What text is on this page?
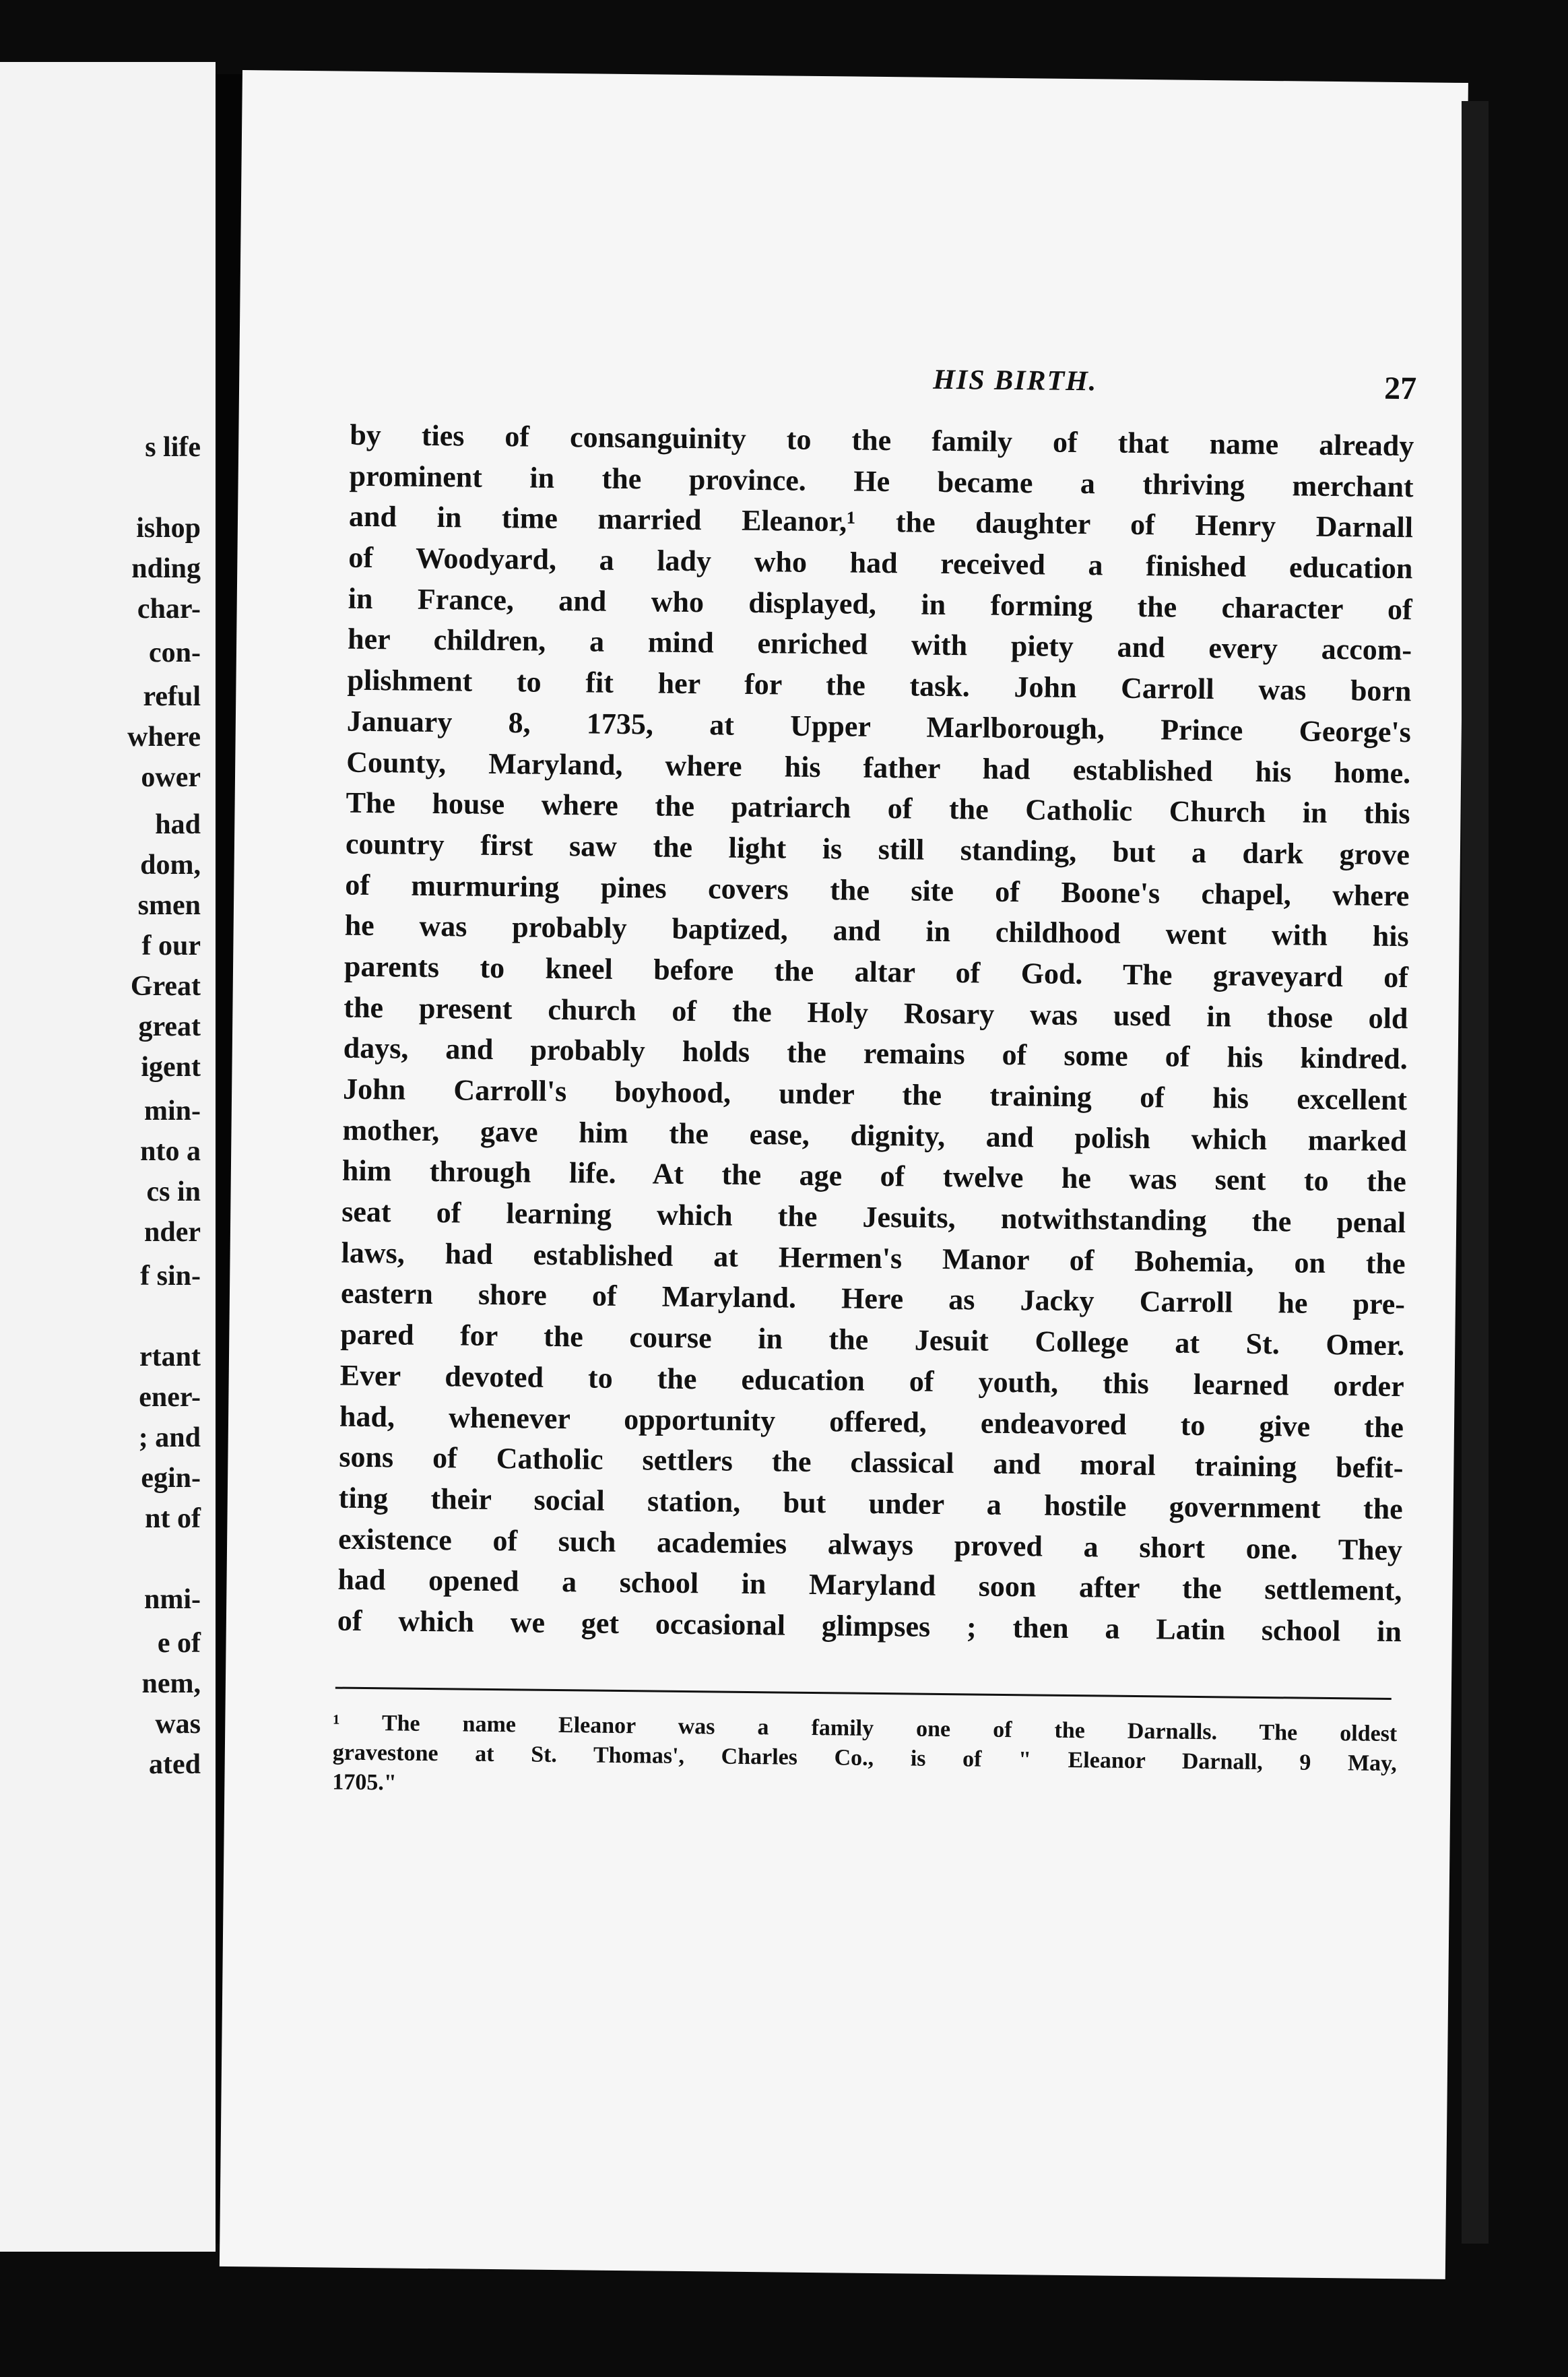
s life
ishop
nding
char-
con-
reful
where
ower
had
dom,
smen
f our
Great
great
igent
min-
nto a
cs in
nder
f sin-
rtant
ener-
; and
egin-
nt of
nmi-
e of
nem,
was
ated
HIS BIRTH.	27
by ties of consanguinity to the family of that name already
prominent in the province. He became a thriving merchant
and in time married Eleanor,¹ the daughter of Henry Darnall
of Woodyard, a lady who had received a finished education
in France, and who displayed, in forming the character of
her children, a mind enriched with piety and every accom-
plishment to fit her for the task. John Carroll was born
January 8, 1735, at Upper Marlborough, Prince George's
County, Maryland, where his father had established his home.
The house where the patriarch of the Catholic Church in this
country first saw the light is still standing, but a dark grove
of murmuring pines covers the site of Boone's chapel, where
he was probably baptized, and in childhood went with his
parents to kneel before the altar of God. The graveyard of
the present church of the Holy Rosary was used in those old
days, and probably holds the remains of some of his kindred.
John Carroll's boyhood, under the training of his excellent
mother, gave him the ease, dignity, and polish which marked
him through life. At the age of twelve he was sent to the
seat of learning which the Jesuits, notwithstanding the penal
laws, had established at Hermen's Manor of Bohemia, on the
eastern shore of Maryland. Here as Jacky Carroll he pre-
pared for the course in the Jesuit College at St. Omer.
Ever devoted to the education of youth, this learned order
had, whenever opportunity offered, endeavored to give the
sons of Catholic settlers the classical and moral training befit-
ting their social station, but under a hostile government the
existence of such academies always proved a short one. They
had opened a school in Maryland soon after the settlement,
of which we get occasional glimpses ; then a Latin school in
¹ The name Eleanor was a family one of the Darnalls. The oldest
gravestone at St. Thomas', Charles Co., is of " Eleanor Darnall, 9 May,
1705."
